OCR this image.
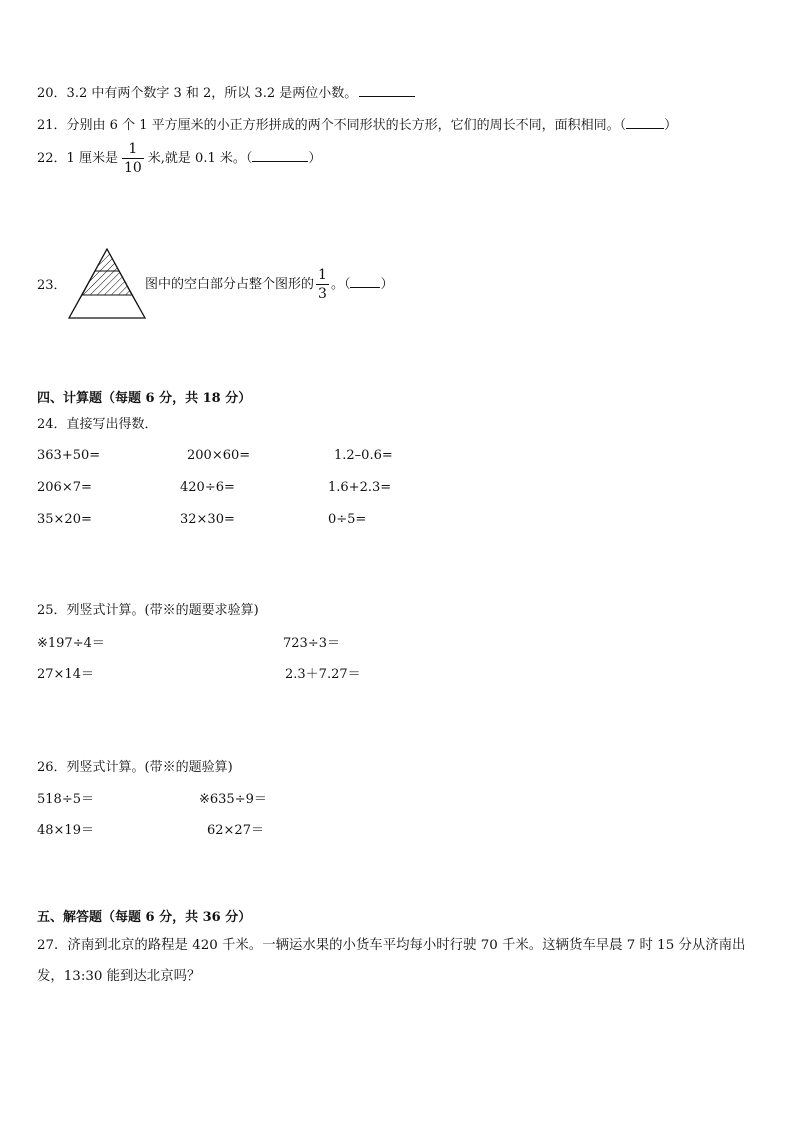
20．3.2 中有两个数字 3 和 2，所以 3.2 是两位小数。
21．分别由 6 个 1 平方厘米的小正方形拼成的两个不同形状的长方形，它们的周长不同，面积相同。（	）
22．1 厘米是 $\frac{1}{10}$ 米,就是 0.1 米。（	）
23．	图中的空白部分占整个图形的 $\frac{1}{3}$ 。（ ）
四、计算题（每题 6 分，共 18 分）
24．直接写出得数．
363+50=	200×60=	1.2–0.6=
206×7=	420÷6=	1.6+2.3=
35×20=	32×30=	0÷5=
25．列竖式计算。(带※的题要求验算)
※197÷4＝	723÷3＝
27×14＝	2.3＋7.27＝
26．列竖式计算。(带※的题验算)
518÷5＝	※635÷9＝
48×19＝	62×27＝
五、解答题（每题 6 分，共 36 分）
27．济南到北京的路程是 420 千米。一辆运水果的小货车平均每小时行驶 70 千米。这辆货车早晨 7 时 15 分从济南出
发，13:30 能到达北京吗？
